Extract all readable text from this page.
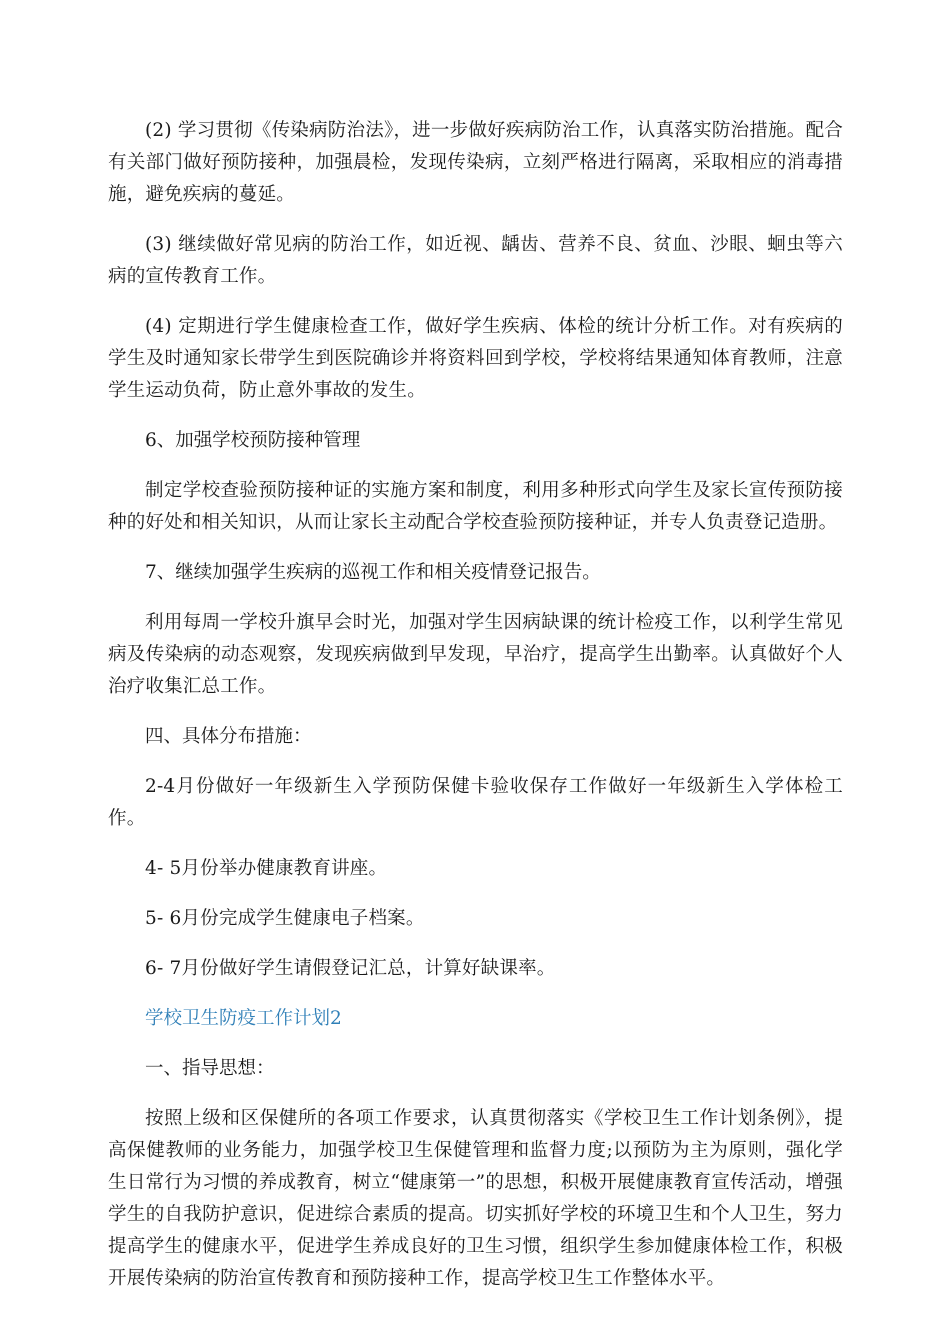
(2) 学习贯彻《传染病防治法》，进一步做好疾病防治工作，认真落实防治措施。配合有关部门做好预防接种，加强晨检，发现传染病，立刻严格进行隔离，采取相应的消毒措施，避免疾病的蔓延。

(3) 继续做好常见病的防治工作，如近视、龋齿、营养不良、贫血、沙眼、蛔虫等六病的宣传教育工作。

(4) 定期进行学生健康检查工作，做好学生疾病、体检的统计分析工作。对有疾病的学生及时通知家长带学生到医院确诊并将资料回到学校，学校将结果通知体育教师，注意学生运动负荷，防止意外事故的发生。

6、加强学校预防接种管理

制定学校查验预防接种证的实施方案和制度，利用多种形式向学生及家长宣传预防接种的好处和相关知识，从而让家长主动配合学校查验预防接种证，并专人负责登记造册。

7、继续加强学生疾病的巡视工作和相关疫情登记报告。

利用每周一学校升旗早会时光，加强对学生因病缺课的统计检疫工作，以利学生常见病及传染病的动态观察，发现疾病做到早发现，早治疗，提高学生出勤率。认真做好个人治疗收集汇总工作。

四、具体分布措施：

2-4月份做好一年级新生入学预防保健卡验收保存工作做好一年级新生入学体检工作。

4- 5月份举办健康教育讲座。

5- 6月份完成学生健康电子档案。

6- 7月份做好学生请假登记汇总，计算好缺课率。

学校卫生防疫工作计划2

一、指导思想：

按照上级和区保健所的各项工作要求，认真贯彻落实《学校卫生工作计划条例》，提高保健教师的业务能力，加强学校卫生保健管理和监督力度;以预防为主为原则，强化学生日常行为习惯的养成教育，树立“健康第一”的思想，积极开展健康教育宣传活动，增强学生的自我防护意识，促进综合素质的提高。切实抓好学校的环境卫生和个人卫生，努力提高学生的健康水平，促进学生养成良好的卫生习惯，组织学生参加健康体检工作，积极开展传染病的防治宣传教育和预防接种工作，提高学校卫生工作整体水平。
